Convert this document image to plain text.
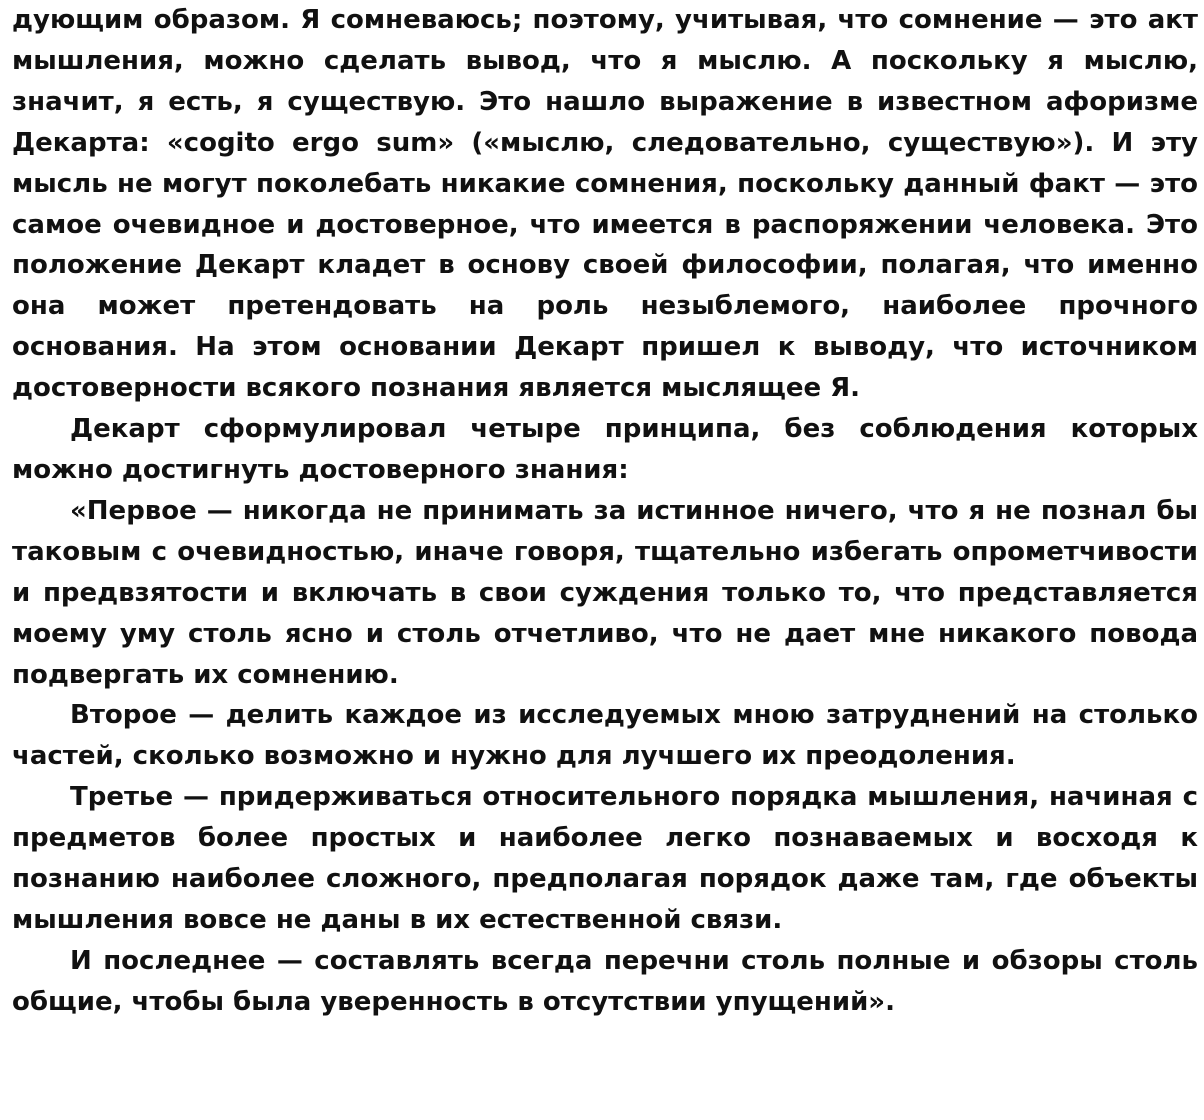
дующим образом. Я сомневаюсь; поэтому, учитывая, что сомнение — это акт мышления, можно сделать вывод, что я мыслю. А поскольку я мыслю, значит, я есть, я существую. Это нашло выражение в известном афоризме Декарта: «cogito ergo sum» («мыслю, следовательно, существую»). И эту мысль не могут поколебать никакие сомнения, поскольку данный факт — это самое очевидное и достоверное, что имеется в распоряжении человека. Это положение Декарт кладет в основу своей философии, полагая, что именно она может претендовать на роль незыблемого, наиболее прочного основания. На этом основании Декарт пришел к выводу, что источником достоверности всякого познания является мыслящее Я.

Декарт сформулировал четыре принципа, без соблюдения которых можно достигнуть достоверного знания:

«Первое — никогда не принимать за истинное ничего, что я не познал бы таковым с очевидностью, иначе говоря, тщательно избегать опрометчивости и предвзятости и включать в свои суждения только то, что представляется моему уму столь ясно и столь отчетливо, что не дает мне никакого повода подвергать их сомнению.

Второе — делить каждое из исследуемых мною затруднений на столько частей, сколько возможно и нужно для лучшего их преодоления.

Третье — придерживаться относительного порядка мышления, начиная с предметов более простых и наиболее легко познаваемых и восходя к познанию наиболее сложного, предполагая порядок даже там, где объекты мышления вовсе не даны в их естественной связи.

И последнее — составлять всегда перечни столь полные и обзоры столь общие, чтобы была уверенность в отсутствии упущений».
